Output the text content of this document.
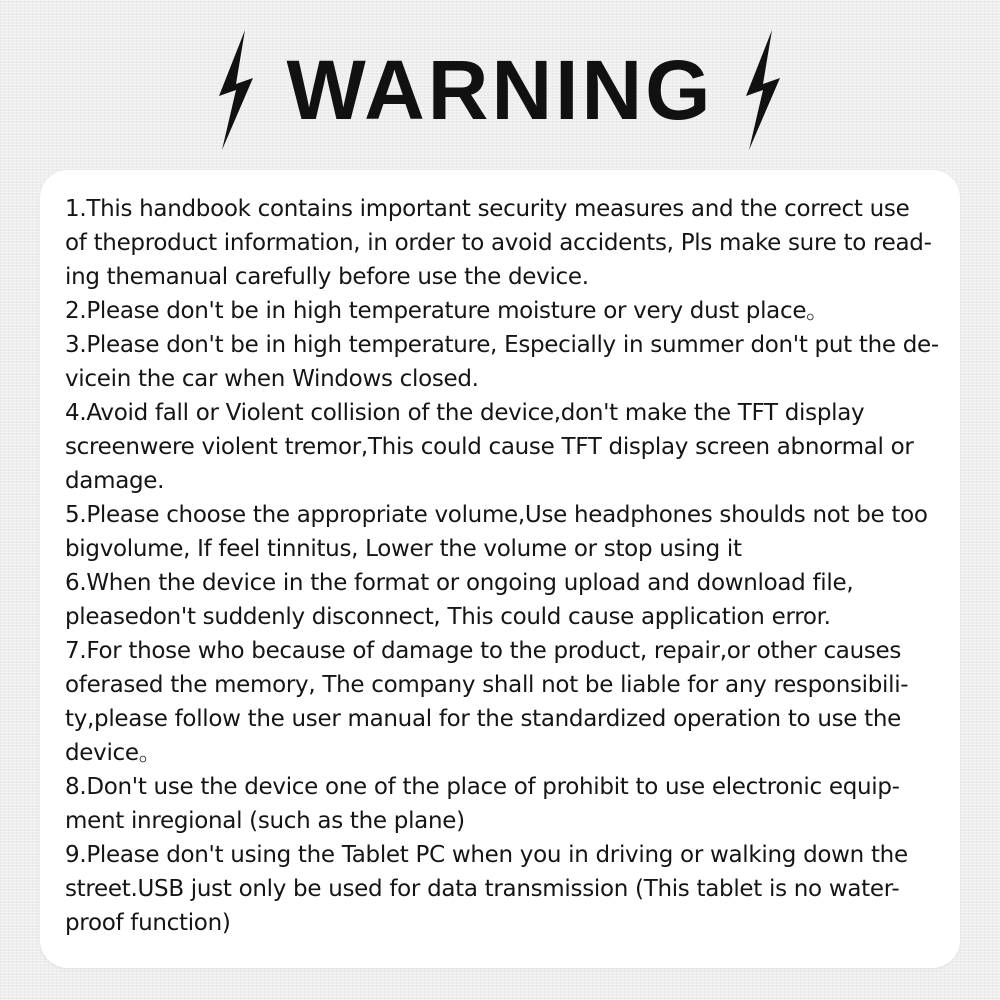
WARNING
1.This handbook contains important security measures and the correct use
of theproduct information, in order to avoid accidents, Pls make sure to read-
ing themanual carefully before use the device.
2.Please don't be in high temperature moisture or very dust place。
3.Please don't be in high temperature, Especially in summer don't put the de-
vicein the car when Windows closed.
4.Avoid fall or Violent collision of the device,don't make the TFT display
screenwere violent tremor,This could cause TFT display screen abnormal or
damage.
5.Please choose the appropriate volume,Use headphones shoulds not be too
bigvolume, If feel tinnitus, Lower the volume or stop using it
6.When the device in the format or ongoing upload and download file,
pleasedon't suddenly disconnect, This could cause application error.
7.For those who because of damage to the product, repair,or other causes
oferased the memory, The company shall not be liable for any responsibili-
ty,please follow the user manual for the standardized operation to use the
device。
8.Don't use the device one of the place of prohibit to use electronic equip-
ment inregional (such as the plane)
9.Please don't using the Tablet PC when you in driving or walking down the
street.USB just only be used for data transmission (This tablet is no water-
proof function)
